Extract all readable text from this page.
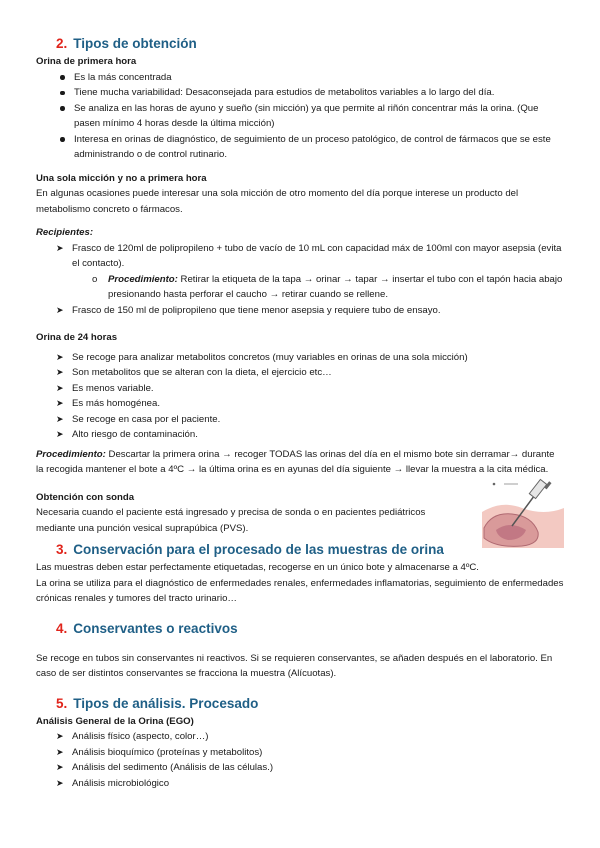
2. Tipos de obtención

Orina de primera hora

Es la más concentrada
Tiene mucha variabilidad: Desaconsejada para estudios de metabolitos variables a lo largo del día.
Se analiza en las horas de ayuno y sueño (sin micción) ya que permite al riñón concentrar más la orina. (Que pasen mínimo 4 horas desde la última micción)
Interesa en orinas de diagnóstico, de seguimiento de un proceso patológico, de control de fármacos que se este administrando o de control rutinario.

Una sola micción y no a primera hora

En algunas ocasiones puede interesar una sola micción de otro momento del día porque interese un producto del metabolismo concreto o fármacos.

Recipientes:

➤ Frasco de 120ml de polipropileno + tubo de vacío de 10 mL con capacidad máx de 100ml con mayor asepsia (evita el contacto).
o Procedimiento: Retirar la etiqueta de la tapa → orinar → tapar → insertar el tubo con el tapón hacia abajo presionando hasta perforar el caucho → retirar cuando se rellene.
➤ Frasco de 150 ml de polipropileno que tiene menor asepsia y requiere tubo de ensayo.

Orina de 24 horas

➤ Se recoge para analizar metabolitos concretos (muy variables en orinas de una sola micción)
➤ Son metabolitos que se alteran con la dieta, el ejercicio etc…
➤ Es menos variable.
➤ Es más homogénea.
➤ Se recoge en casa por el paciente.
➤ Alto riesgo de contaminación.

Procedimiento: Descartar la primera orina → recoger TODAS las orinas del día en el mismo bote sin derramar→ durante la recogida mantener el bote a 4ºC → la última orina es en ayunas del día siguiente → llevar la muestra a la cita médica.

Obtención con sonda

Necesaria cuando el paciente está ingresado y precisa de sonda o en pacientes pediátricos mediante una punción vesical suprapúbica (PVS).

3. Conservación para el procesado de las muestras de orina

Las muestras deben estar perfectamente etiquetadas, recogerse en un único bote y almacenarse a 4ºC.

La orina se utiliza para el diagnóstico de enfermedades renales, enfermedades inflamatorias, seguimiento de enfermedades crónicas renales y tumores del tracto urinario…

4. Conservantes o reactivos

Se recoge en tubos sin conservantes ni reactivos. Si se requieren conservantes, se añaden después en el laboratorio. En caso de ser distintos conservantes se fracciona la muestra (Alícuotas).

5. Tipos de análisis. Procesado

Análisis General de la Orina (EGO)

➤ Análisis físico (aspecto, color…)
➤ Análisis bioquímico (proteínas y metabolitos)
➤ Análisis del sedimento (Análisis de las células.)
➤ Análisis microbiológico
